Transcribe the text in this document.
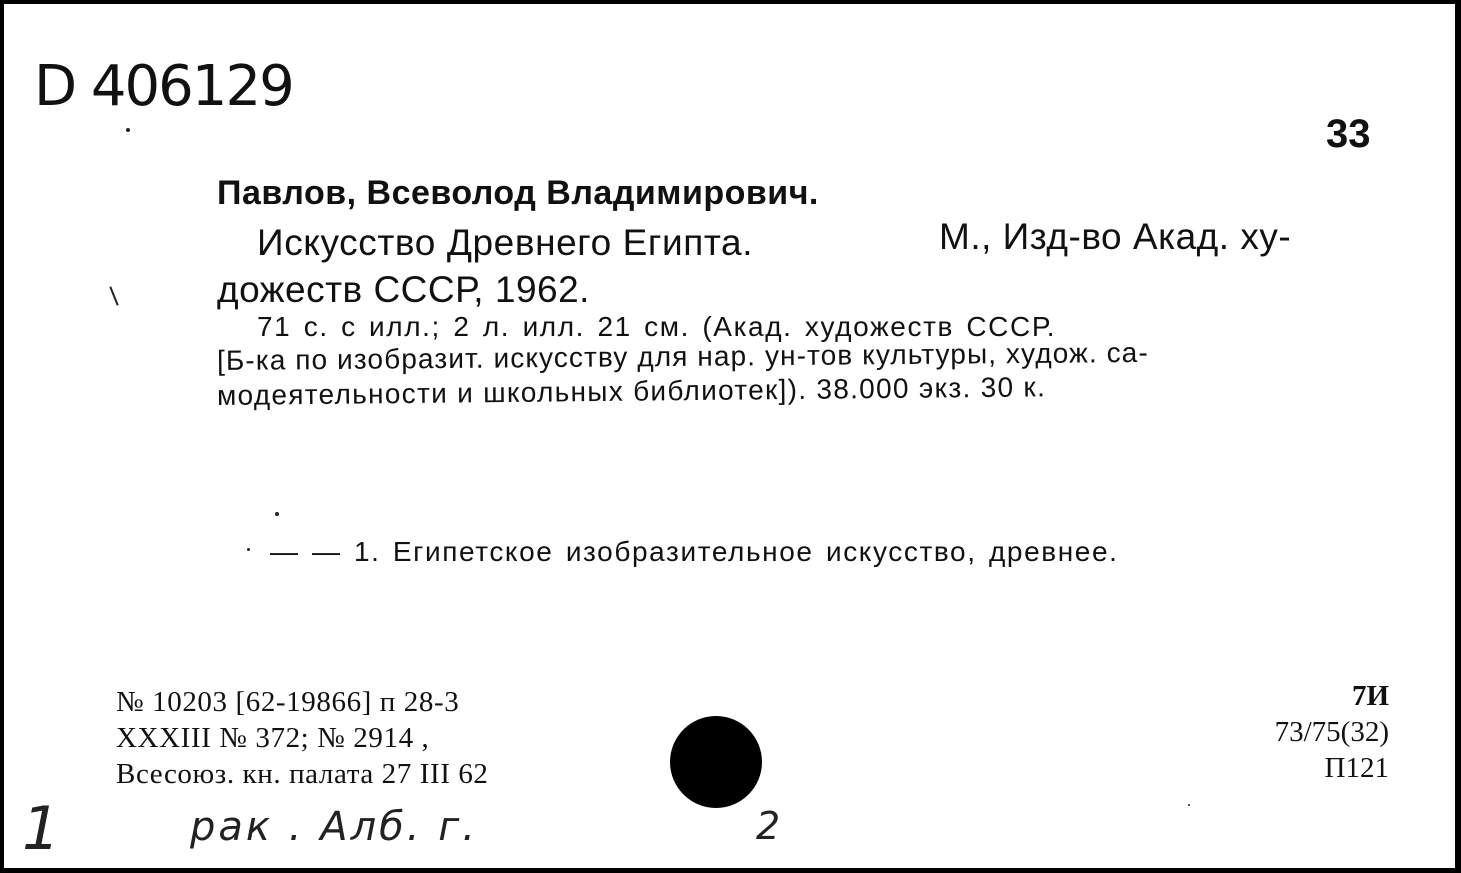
D 406129
33
Павлов, Всеволод Владимирович.
Искусство Древнего Египта.	М., Изд-во Акад. ху-
дожеств СССР, 1962.
71 с. с илл.; 2 л. илл. 21 см. (Акад. художеств СССР.
[Б-ка по изобразит. искусству для нар. ун-тов культуры, худож. са-
модеятельности и школьных библиотек]). 38.000 экз. 30 к.
— — 1. Египетское изобразительное искусство, древнее.
№ 10203 [62-19866] п 28-3
XXXIII № 372; № 2914 ,
Всесоюз. кн. палата 27 III 62
7И
73/75(32)
П121
1	рак . Алб. г.	2
